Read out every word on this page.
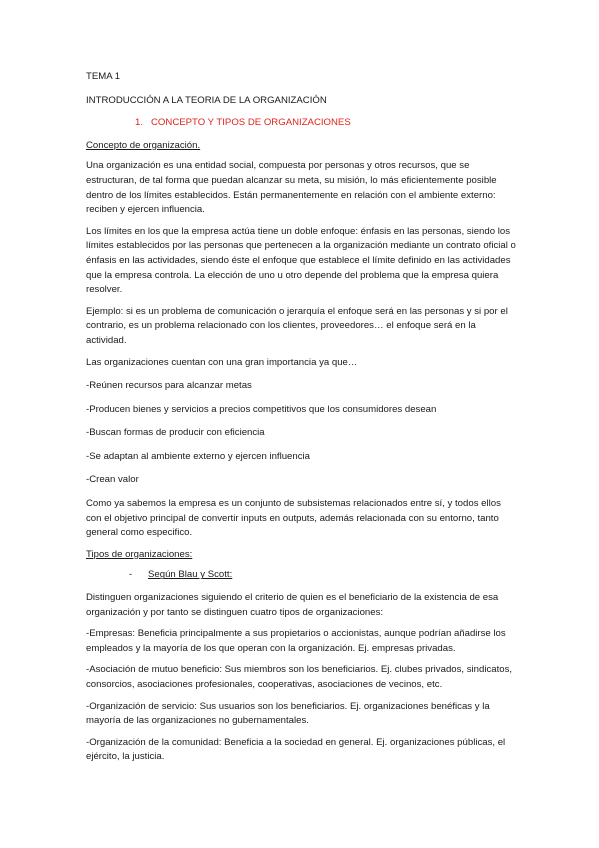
TEMA 1

INTRODUCCIÓN A LA TEORIA DE LA ORGANIZACIÓN

1. CONCEPTO Y TIPOS DE ORGANIZACIONES

Concepto de organización.

Una organización es una entidad social, compuesta por personas y otros recursos, que se estructuran, de tal forma que puedan alcanzar su meta, su misión, lo más eficientemente posible dentro de los límites establecidos. Están permanentemente en relación con el ambiente externo: reciben y ejercen influencia.

Los límites en los que la empresa actúa tiene un doble enfoque: énfasis en las personas, siendo los límites establecidos por las personas que pertenecen a la organización mediante un contrato oficial o énfasis en las actividades, siendo éste el enfoque que establece el límite definido en las actividades que la empresa controla. La elección de uno u otro depende del problema que la empresa quiera resolver.

Ejemplo: si es un problema de comunicación o jerarquía el enfoque será en las personas y si por el contrario, es un problema relacionado con los clientes, proveedores… el enfoque será en la actividad.

Las organizaciones cuentan con una gran importancia ya que…

-Reúnen recursos para alcanzar metas

-Producen bienes y servicios a precios competitivos que los consumidores desean

-Buscan formas de producir con eficiencia

-Se adaptan al ambiente externo y ejercen influencia

-Crean valor

Como ya sabemos la empresa es un conjunto de subsistemas relacionados entre sí, y todos ellos con el objetivo principal de convertir inputs en outputs, además relacionada con su entorno, tanto general como especifico.

Tipos de organizaciones:

- Según Blau y Scott:

Distinguen organizaciones siguiendo el criterio de quien es el beneficiario de la existencia de esa organización y por tanto se distinguen cuatro tipos de organizaciones:

-Empresas: Beneficia principalmente a sus propietarios o accionistas, aunque podrían añadirse los empleados y la mayoría de los que operan con la organización. Ej. empresas privadas.

-Asociación de mutuo beneficio: Sus miembros son los beneficiarios. Ej. clubes privados, sindicatos, consorcios, asociaciones profesionales, cooperativas, asociaciones de vecinos, etc.

-Organización de servicio: Sus usuarios son los beneficiarios. Ej. organizaciones benéficas y la mayoría de las organizaciones no gubernamentales.

-Organización de la comunidad: Beneficia a la sociedad en general. Ej. organizaciones públicas, el ejército, la justicia.
